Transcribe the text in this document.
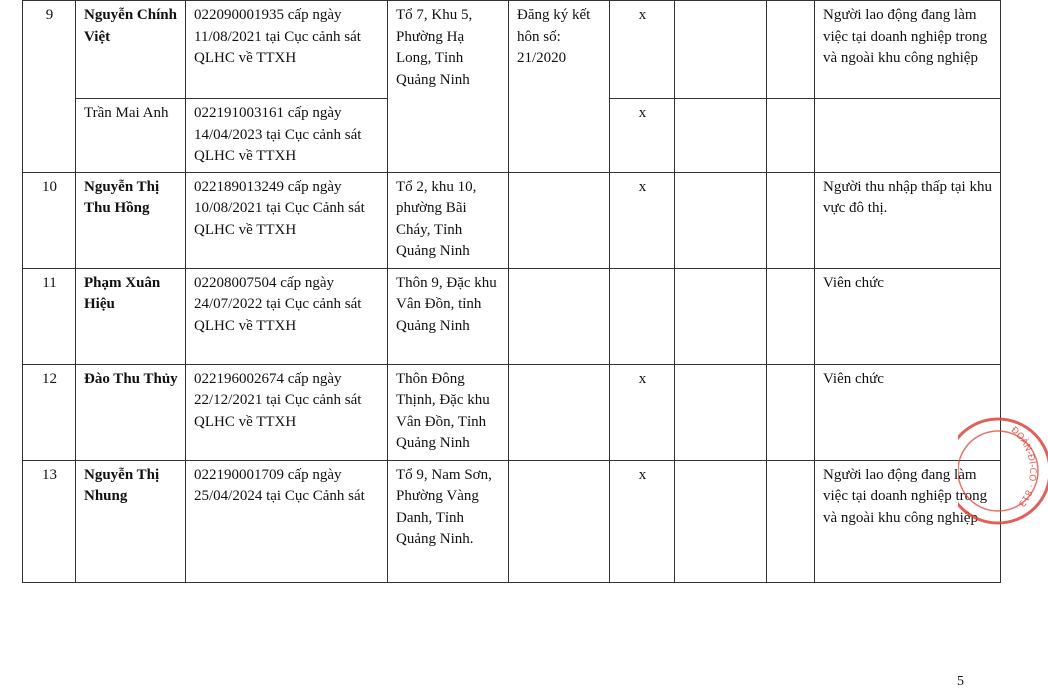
9	Nguyễn Chính Việt	022090001935 cấp ngày 11/08/2021 tại Cục cảnh sát QLHC về TTXH	Tổ 7, Khu 5, Phường Hạ Long, Tỉnh Quảng Ninh	Đăng ký kết hôn số: 21/2020	x			Người lao động đang làm việc tại doanh nghiệp trong và ngoài khu công nghiệp
	Trần Mai Anh	022191003161 cấp ngày 14/04/2023 tại Cục cảnh sát QLHC về TTXH			x			
10	Nguyễn Thị Thu Hồng	022189013249 cấp ngày 10/08/2021 tại Cục Cảnh sát QLHC về TTXH	Tổ 2, khu 10, phường Bãi Cháy, Tỉnh Quảng Ninh		x			Người thu nhập thấp tại khu vực đô thị.
11	Phạm Xuân Hiệu	02208007504 cấp ngày 24/07/2022 tại Cục cảnh sát QLHC về TTXH	Thôn 9, Đặc khu Vân Đồn, tỉnh Quảng Ninh					Viên chức
12	Đào Thu Thủy	022196002674 cấp ngày 22/12/2021 tại Cục cảnh sát QLHC về TTXH	Thôn Đông Thịnh, Đặc khu Vân Đồn, Tỉnh Quảng Ninh		x			Viên chức
13	Nguyễn Thị Nhung	022190001709 cấp ngày 25/04/2024 tại Cục Cảnh sát	Tổ 9, Nam Sơn, Phường Vàng Danh, Tỉnh Quảng Ninh.		x			Người lao động đang làm việc tại doanh nghiệp trong và ngoài khu công nghiệp
ĐOÀN-ĐI-CÔ · 813
5
